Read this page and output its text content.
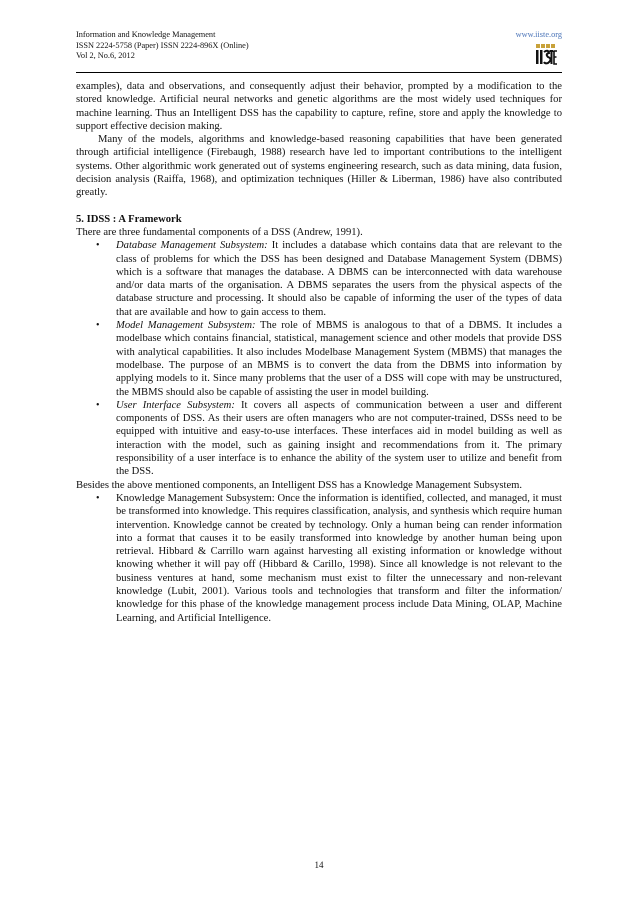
Information and Knowledge Management
ISSN 2224-5758 (Paper) ISSN 2224-896X (Online)
Vol 2, No.6, 2012
www.iiste.org

examples), data and observations, and consequently adjust their behavior, prompted by a modification to the stored knowledge. Artificial neural networks and genetic algorithms are the most widely used techniques for machine learning. Thus an Intelligent DSS has the capability to capture, refine, store and apply the knowledge to support effective decision making.

Many of the models, algorithms and knowledge-based reasoning capabilities that have been generated through artificial intelligence (Firebaugh, 1988) research have led to important contributions to the intelligent systems. Other algorithmic work generated out of systems engineering research, such as data mining, data fusion, decision analysis (Raiffa, 1968), and optimization techniques (Hiller & Liberman, 1986) have also contributed greatly.

5. IDSS : A Framework

There are three fundamental components of a DSS (Andrew, 1991).

• Database Management Subsystem: It includes a database which contains data that are relevant to the class of problems for which the DSS has been designed and Database Management System (DBMS) which is a software that manages the database. A DBMS can be interconnected with data warehouse and/or data marts of the organisation. A DBMS separates the users from the physical aspects of the database structure and processing. It should also be capable of informing the user of the types of data that are available and how to gain access to them.
• Model Management Subsystem: The role of MBMS is analogous to that of a DBMS. It includes a modelbase which contains financial, statistical, management science and other models that provide DSS with analytical capabilities. It also includes Modelbase Management System (MBMS) that manages the modelbase. The purpose of an MBMS is to convert the data from the DBMS into information by applying models to it. Since many problems that the user of a DSS will cope with may be unstructured, the MBMS should also be capable of assisting the user in model building.
• User Interface Subsystem: It covers all aspects of communication between a user and different components of DSS. As their users are often managers who are not computer-trained, DSSs need to be equipped with intuitive and easy-to-use interfaces. These interfaces aid in model building as well as interaction with the model, such as gaining insight and recommendations from it. The primary responsibility of a user interface is to enhance the ability of the system user to utilize and benefit from the DSS.

Besides the above mentioned components, an Intelligent DSS has a Knowledge Management Subsystem.

• Knowledge Management Subsystem: Once the information is identified, collected, and managed, it must be transformed into knowledge. This requires classification, analysis, and synthesis which require human intervention. Knowledge cannot be created by technology. Only a human being can render information into a format that causes it to be easily transformed into knowledge by another human being upon retrieval. Hibbard & Carrillo warn against harvesting all existing information or knowledge without knowing whether it will pay off (Hibbard & Carillo, 1998). Since all knowledge is not relevant to the business ventures at hand, some mechanism must exist to filter the unnecessary and non-relevant knowledge (Lubit, 2001). Various tools and technologies that transform and filter the information/ knowledge for this phase of the knowledge management process include Data Mining, OLAP, Machine Learning, and Artificial Intelligence.
14
